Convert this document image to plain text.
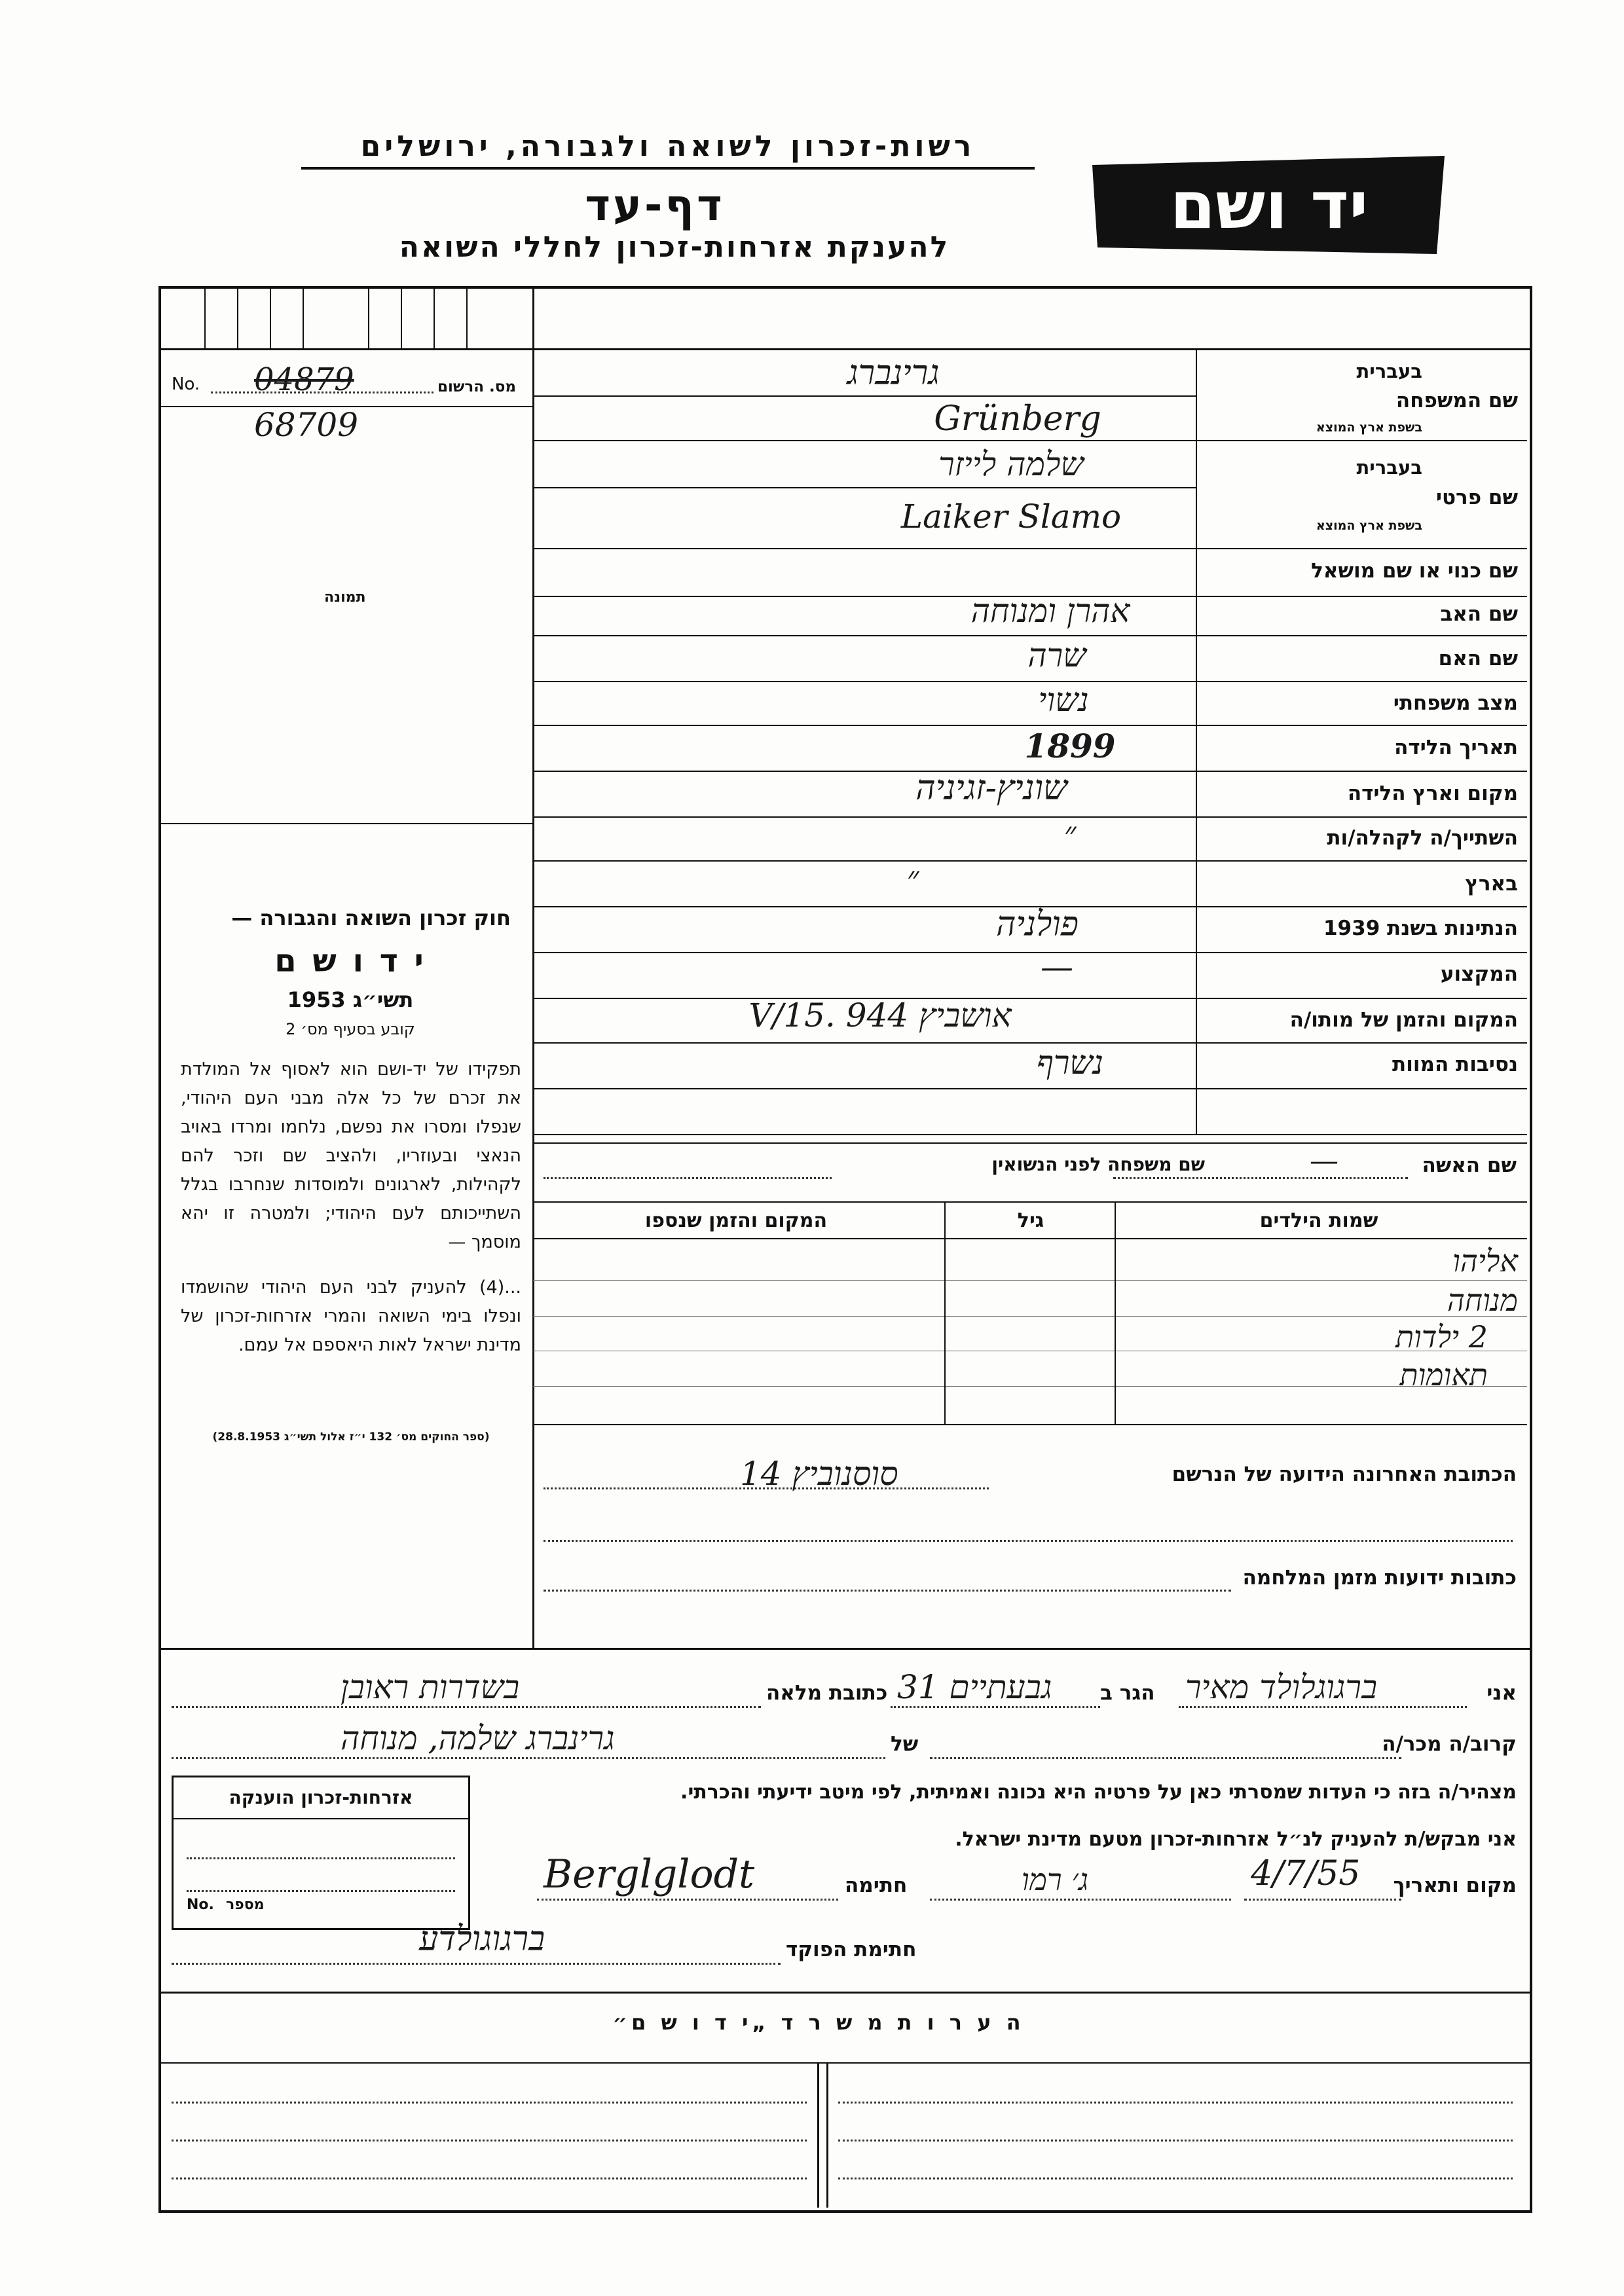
רשות-זכרון לשואה ולגבורה, ירושלים
דף-עד
להענקת אזרחות-זכרון לחללי השואה
יד ושם
No. 04879	מס. הרשום
68709
תמונה
חוק זכרון השואה והגבורה —
י ד ו ש ם
תשי״ג 1953
קובע בסעיף מס׳ 2
תפקידו של יד-ושם הוא לאסוף אל המולדת את זכרם של כל אלה מבני העם היהודי, שנפלו ומסרו את נפשם, נלחמו ומרדו באויב הנאצי ובעוזריו, ולהציב שם וזכר להם לקהילות, לארגונים ולמוסדות שנחרבו בגלל השתייכותם לעם היהודי; ולמטרה זו יהא מוסמך —
...(4) להעניק לבני העם היהודי שהושמדו ונפלו בימי השואה והמרי אזרחות-זכרון של מדינת ישראל לאות היאספם אל עמם.
(ספר החוקים מס׳ 132 י״ז אלול תשי״ג 28.8.1953)
בעברית
שם המשפחה
בשפת ארץ המוצא
גרינברג
Grünberg
בעברית
שם פרטי
בשפת ארץ המוצא
שלמה לייזר
Laiker Slamo
שם כנוי או שם מושאל
שם האב
אהרן ומנוחה
שם האם
שרה
מצב משפחתי
נשוי
תאריך הלידה
1899
מקום וארץ הלידה
שוניץ-זגיניה
השתייך/ה לקהלה/ות
״
בארץ
״
הנתינות בשנת 1939
פולניה
המקצוע
—
המקום והזמן של מותו/ה
אושביץ 944 .15/V
נסיבות המוות
נשרף
שם האשה
—
שם משפחה לפני הנשואין
שמות הילדים
גיל
המקום והזמן שנספו
אליהו
מנוחה
2 ילדות
תאומות
הכתובת האחרונה הידועה של הנרשם
סוסנוביץ 14
כתובות ידועות מזמן המלחמה
אני
ברגוגלולד מאיר
הגר ב
גבעתיים 31
כתובת מלאה
בשדרות ראובן
קרוב/ה מכר/ה
של
גרינברג שלמה, מנוחה
מצהיר/ה בזה כי העדות שמסרתי כאן על פרטיה היא נכונה ואמיתית, לפי מיטב ידיעתי והכרתי.
אני מבקש/ת להעניק לנ״ל אזרחות-זכרון מטעם מדינת ישראל.
מקום ותאריך
4/7/55
ג׳ רמו
חתימה
Berglglodt
חתימת הפוקד
ברגוגולדע
אזרחות-זכרון הוענקה
No. מספר
ה ע ר ו ת מ ש ר ד „י ד ו ש ם״
